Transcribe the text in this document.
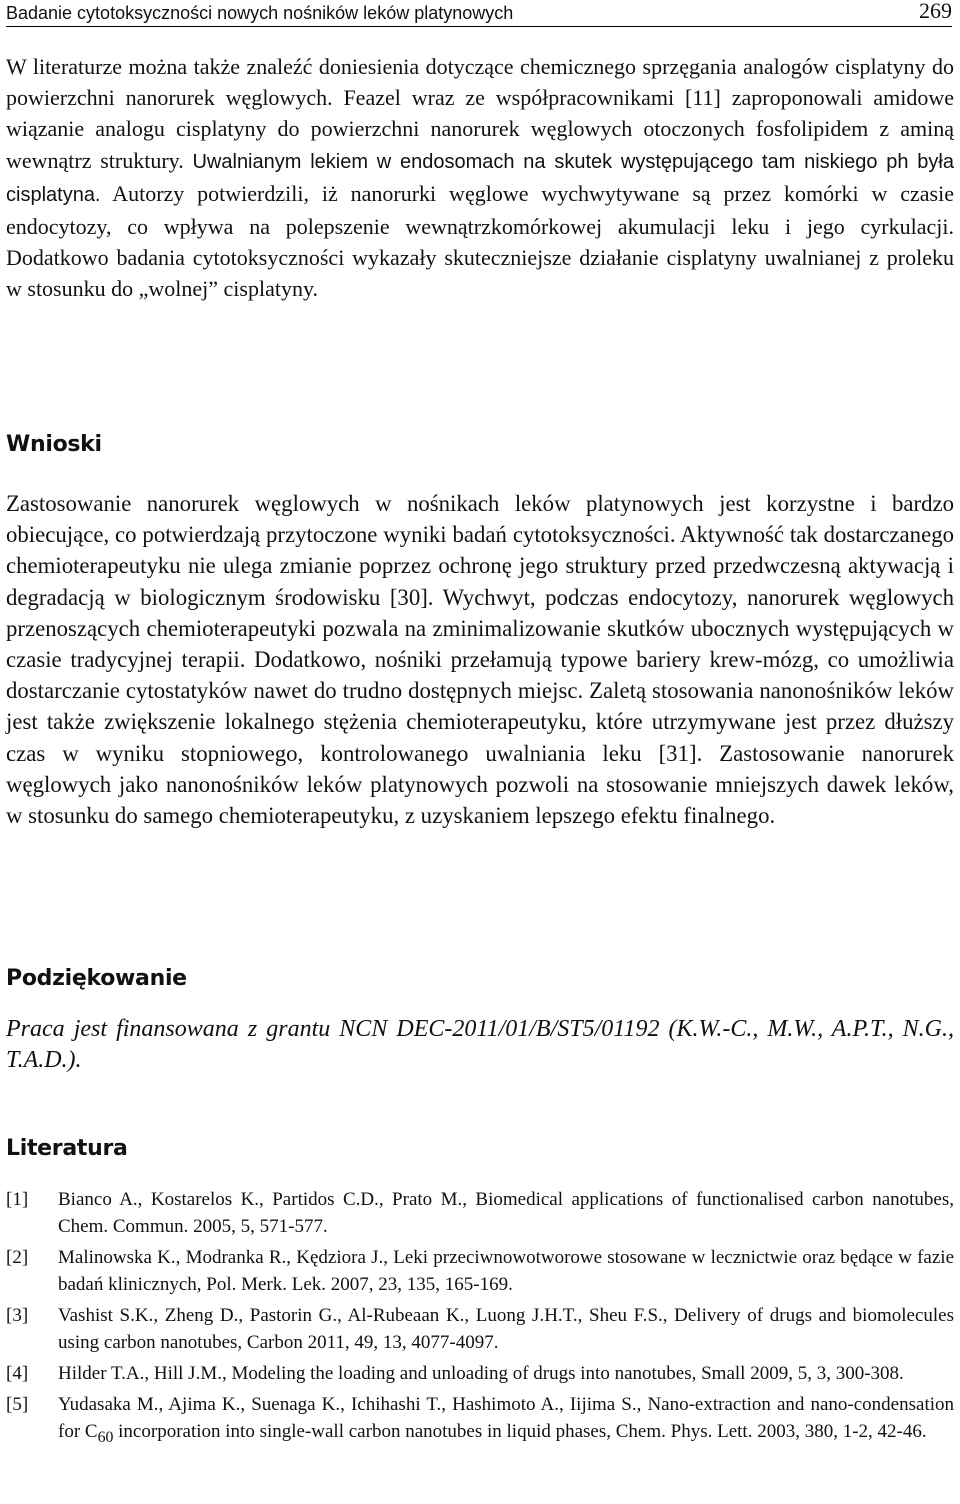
Badanie cytotoksyczności nowych nośników leków platynowych	269

W literaturze można także znaleźć doniesienia dotyczące chemicznego sprzęgania analogów cisplatyny do powierzchni nanorurek węglowych. Feazel wraz ze współpracownikami [11] zaproponowali amidowe wiązanie analogu cisplatyny do powierzchni nanorurek węglowych otoczonych fosfolipidem z aminą wewnątrz struktury. Uwalnianym lekiem w endosomach na skutek występującego tam niskiego ph była cisplatyna. Autorzy potwierdzili, iż nanorurki węglowe wychwytywane są przez komórki w czasie endocytozy, co wpływa na polepszenie wewnątrzkomórkowej akumulacji leku i jego cyrkulacji. Dodatkowo badania cytotoksyczności wykazały skuteczniejsze działanie cisplatyny uwalnianej z proleku w stosunku do „wolnej” cisplatyny.

Wnioski

Zastosowanie nanorurek węglowych w nośnikach leków platynowych jest korzystne i bardzo obiecujące, co potwierdzają przytoczone wyniki badań cytotoksyczności. Aktywność tak dostarczanego chemioterapeutyku nie ulega zmianie poprzez ochronę jego struktury przed przedwczesną aktywacją i degradacją w biologicznym środowisku [30]. Wychwyt, podczas endocytozy, nanorurek węglowych przenoszących chemioterapeutyki pozwala na zminimalizowanie skutków ubocznych występujących w czasie tradycyjnej terapii. Dodatkowo, nośniki przełamują typowe bariery krew-mózg, co umożliwia dostarczanie cytostatyków nawet do trudno dostępnych miejsc. Zaletą stosowania nanonośników leków jest także zwiększenie lokalnego stężenia chemioterapeutyku, które utrzymywane jest przez dłuższy czas w wyniku stopniowego, kontrolowanego uwalniania leku [31]. Zastosowanie nanorurek węglowych jako nanonośników leków platynowych pozwoli na stosowanie mniejszych dawek leków, w stosunku do samego chemioterapeutyku, z uzyskaniem lepszego efektu finalnego.

Podziękowanie

Praca jest finansowana z grantu NCN DEC-2011/01/B/ST5/01192 (K.W.-C., M.W., A.P.T., N.G., T.A.D.).

Literatura
[1]	Bianco A., Kostarelos K., Partidos C.D., Prato M., Biomedical applications of functionalised carbon nanotubes, Chem. Commun. 2005, 5, 571-577.
[2]	Malinowska K., Modranka R., Kędziora J., Leki przeciwnowotworowe stosowane w lecznictwie oraz będące w fazie badań klinicznych, Pol. Merk. Lek. 2007, 23, 135, 165-169.
[3]	Vashist S.K., Zheng D., Pastorin G., Al-Rubeaan K., Luong J.H.T., Sheu F.S., Delivery of drugs and biomolecules using carbon nanotubes, Carbon 2011, 49, 13, 4077-4097.
[4]	Hilder T.A., Hill J.M., Modeling the loading and unloading of drugs into nanotubes, Small 2009, 5, 3, 300-308.
[5]	Yudasaka M., Ajima K., Suenaga K., Ichihashi T., Hashimoto A., Iijima S., Nano-extraction and nano-condensation for $C_{60}$ incorporation into single-wall carbon nanotubes in liquid phases, Chem. Phys. Lett. 2003, 380, 1-2, 42-46.
